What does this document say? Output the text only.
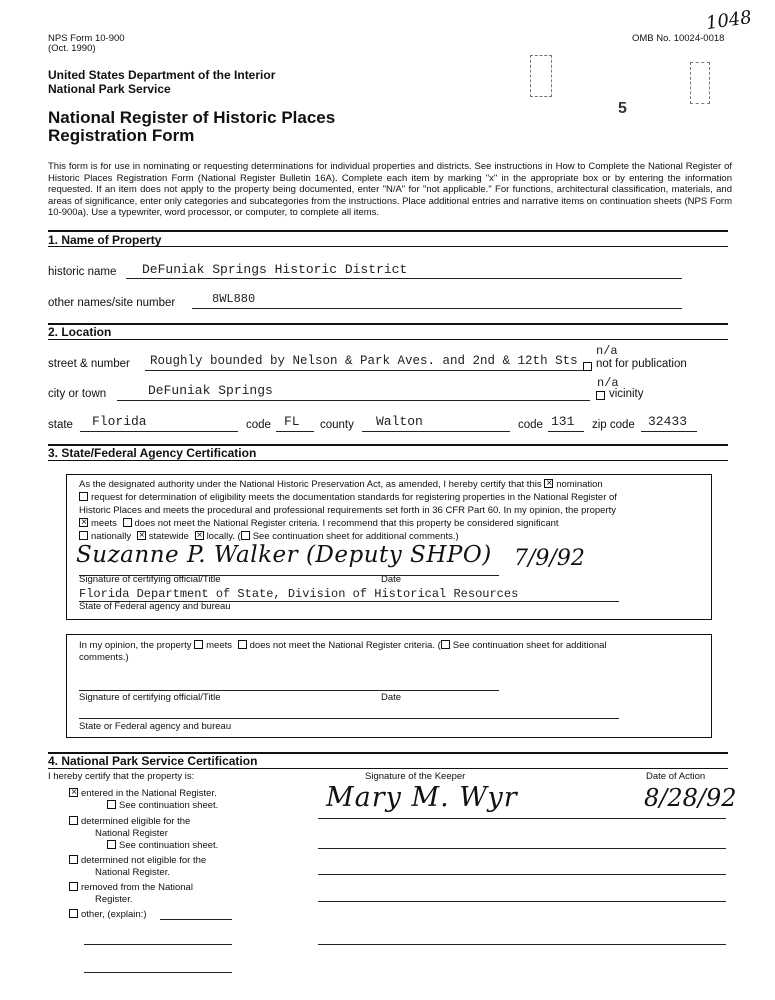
NPS Form 10-900
(Oct. 1990)
OMB No. 10024-0018
1048
United States Department of the Interior
National Park Service
National Register of Historic Places
Registration Form
5
This form is for use in nominating or requesting determinations for individual properties and districts. See instructions in How to Complete the National Register of Historic Places Registration Form (National Register Bulletin 16A). Complete each item by marking "x" in the appropriate box or by entering the information requested. If an item does not apply to the property being documented, enter "N/A" for "not applicable." For functions, architectural classification, materials, and areas of significance, enter only categories and subcategories from the instructions. Place additional entries and narrative items on continuation sheets (NPS Form 10-900a). Use a typewriter, word processor, or computer, to complete all items.
1. Name of Property
historic name DeFuniak Springs Historic District
other names/site number	8WL880
2. Location
street & number Roughly bounded by Nelson & Park Aves. and 2nd & 12th Sts
n/a
not for publication
city or town	DeFuniak Springs	n/a
vicinity
state Florida	code FL county Walton	code 131 zip code 32433
3. State/Federal Agency Certification
As the designated authority under the National Historic Preservation Act, as amended, I hereby certify that this × nomination
request for determination of eligibility meets the documentation standards for registering properties in the National Register of
Historic Places and meets the procedural and professional requirements set forth in 36 CFR Part 60. In my opinion, the property
×meets does not meet the National Register criteria. I recommend that this property be considered significant
nationally × statewide × locally. ( See continuation sheet for additional comments.)
Suzanne P. Walker (Deputy SHPO) 7/9/92
Signature of certifying official/Title	Date
Florida Department of State, Division of Historical Resources
State of Federal agency and bureau
In my opinion, the property meets does not meet the National Register criteria. ( See continuation sheet for additional
comments.)
Signature of certifying official/Title	Date
State or Federal agency and bureau
4. National Park Service Certification
I hereby certify that the property is:	Signature of the Keeper	Date of Action
×entered in the National Register.
See continuation sheet.
determined eligible for the
National Register
See continuation sheet.
determined not eligible for the
National Register.
removed from the National
Register.
other, (explain:)
Mary M. Wyr	8/28/92
